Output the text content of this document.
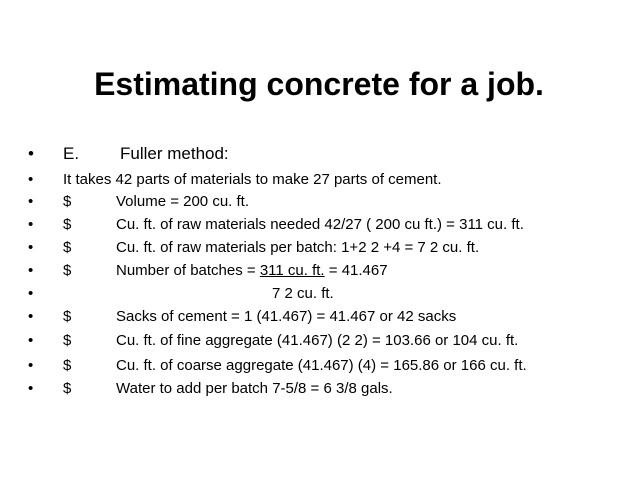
Estimating concrete for a job.
•	E. Fuller method:
•	It takes 42 parts of materials to make 27 parts of cement.
•	$	Volume = 200 cu. ft.
•	$	Cu. ft. of raw materials needed 42/27 ( 200 cu ft.) = 311 cu. ft.
•	$	Cu. ft. of raw materials per batch: 1+2 2 +4 = 7 2 cu. ft.
•	$	Number of batches = 311 cu. ft. = 41.467
•	7 2 cu. ft.
•	$	Sacks of cement = 1 (41.467) = 41.467 or 42 sacks
•	$	Cu. ft. of fine aggregate (41.467) (2 2) = 103.66 or 104 cu. ft.
•	$	Cu. ft. of coarse aggregate (41.467) (4) = 165.86 or 166 cu. ft.
•	$	Water to add per batch 7-5/8 = 6 3/8 gals.
